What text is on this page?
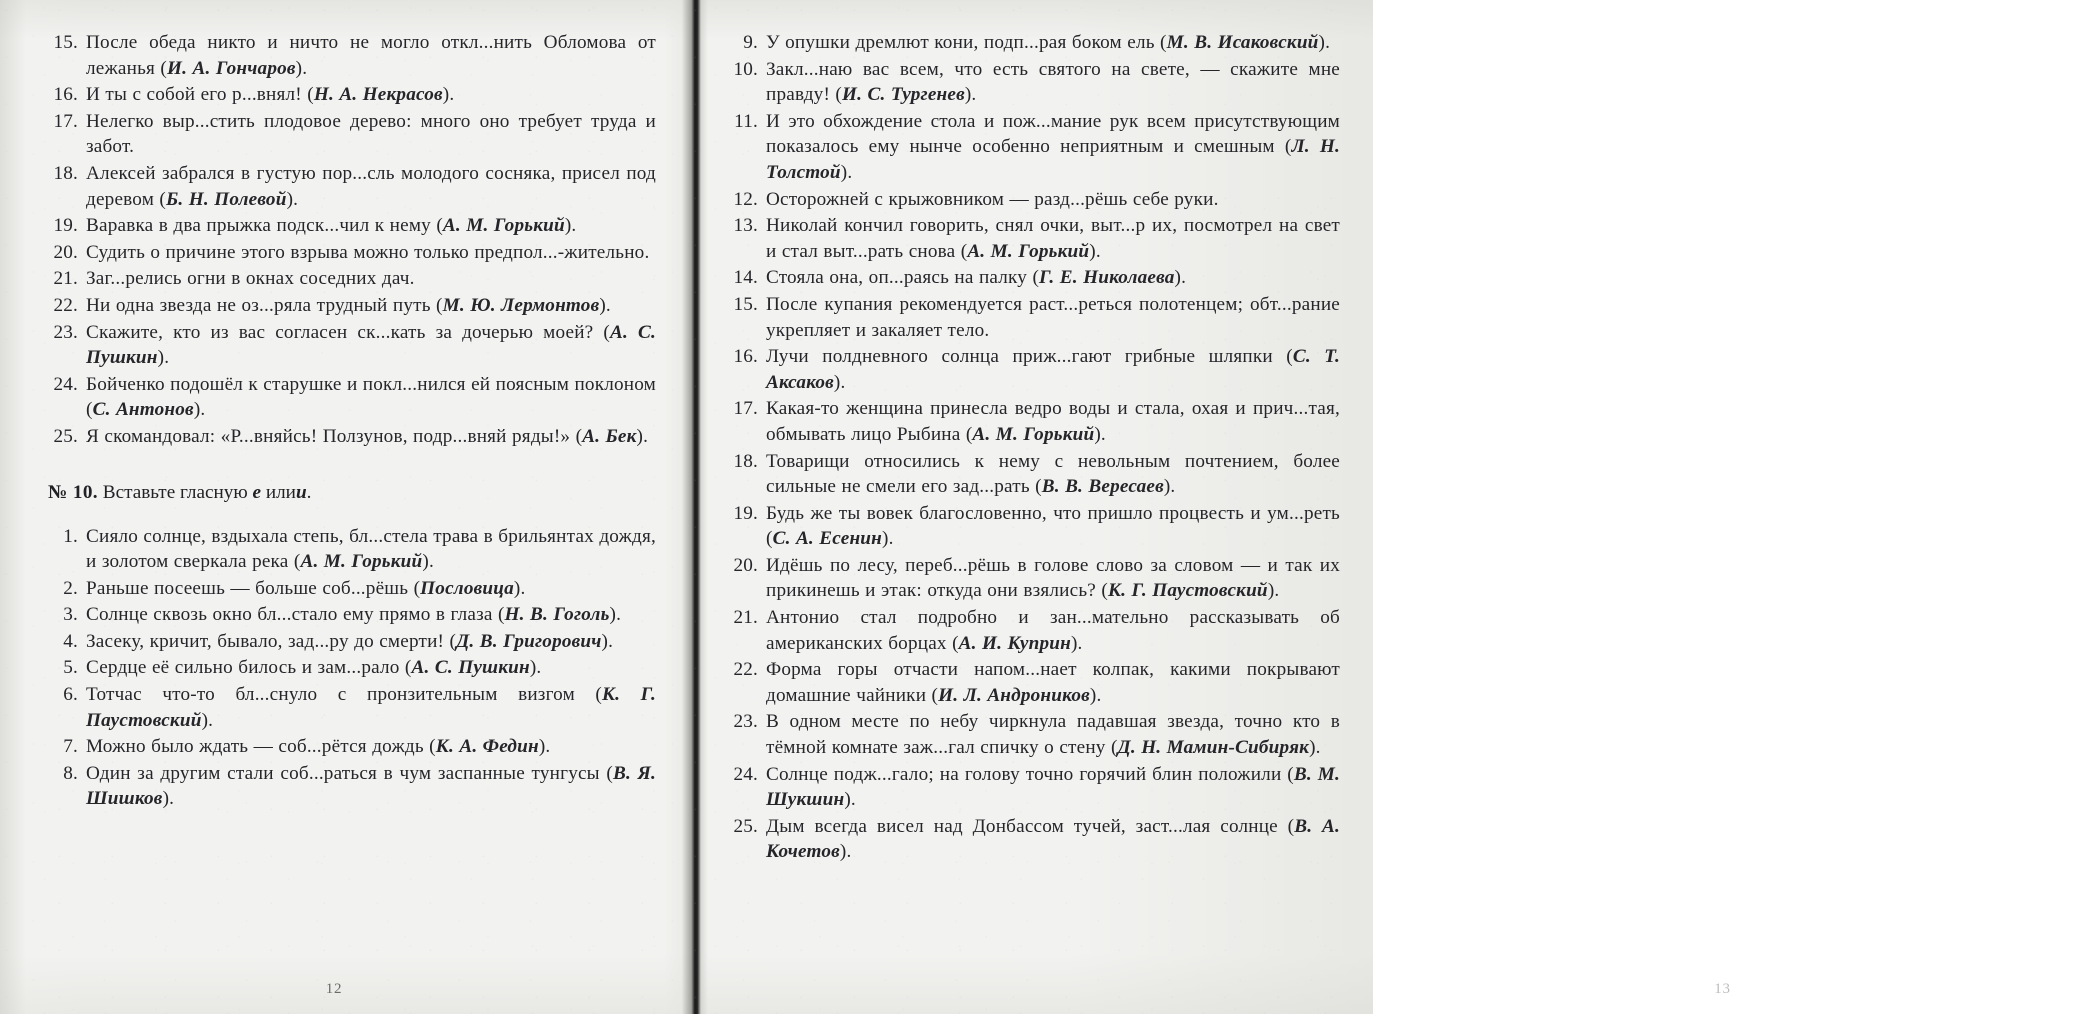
15. После обеда никто и ничто не могло откл...нить Обломова от лежанья (И. А. Гончаров).
16. И ты с собой его р...внял! (Н. А. Некрасов).
17. Нелегко выр...стить плодовое дерево: много оно требует труда и забот.
18. Алексей забрался в густую пор...сль молодого сосняка, присел под деревом (Б. Н. Полевой).
19. Варавка в два прыжка подск...чил к нему (А. М. Горький).
20. Судить о причине этого взрыва можно только предпол...-жительно.
21. Заг...релись огни в окнах соседних дач.
22. Ни одна звезда не оз...ряла трудный путь (М. Ю. Лермонтов).
23. Скажите, кто из вас согласен ск...кать за дочерью моей? (А. С. Пушкин).
24. Бойченко подошёл к старушке и покл...нился ей поясным поклоном (С. Антонов).
25. Я скомандовал: «Р...вняйсь! Ползунов, подр...вняй ряды!» (А. Бек).
№ 10. Вставьте гласную е илии.
1. Сияло солнце, вздыхала степь, бл...стела трава в брильянтах дождя, и золотом сверкала река (А. М. Горький).
2. Раньше посеешь — больше соб...рёшь (Пословица).
3. Солнце сквозь окно бл...стало ему прямо в глаза (Н. В. Гоголь).
4. Засеку, кричит, бывало, зад...ру до смерти! (Д. В. Григорович).
5. Сердце её сильно билось и зам...рало (А. С. Пушкин).
6. Тотчас что-то бл...снуло с пронзительным визгом (К. Г. Паустовский).
7. Можно было ждать — соб...рётся дождь (К. А. Федин).
8. Один за другим стали соб...раться в чум заспанные тунгусы (В. Я. Шишков).
12
9. У опушки дремлют кони, подп...рая боком ель (М. В. Исаковский).
10. Закл...наю вас всем, что есть святого на свете, — скажите мне правду! (И. С. Тургенев).
11. И это обхождение стола и пож...мание рук всем присутствующим показалось ему нынче особенно неприятным и смешным (Л. Н. Толстой).
12. Осторожней с крыжовником — разд...рёшь себе руки.
13. Николай кончил говорить, снял очки, выт...р их, посмотрел на свет и стал выт...рать снова (А. М. Горький).
14. Стояла она, оп...раясь на палку (Г. Е. Николаева).
15. После купания рекомендуется раст...реться полотенцем; обт...рание укрепляет и закаляет тело.
16. Лучи полдневного солнца приж...гают грибные шляпки (С. Т. Аксаков).
17. Какая-то женщина принесла ведро воды и стала, охая и прич...тая, обмывать лицо Рыбина (А. М. Горький).
18. Товарищи относились к нему с невольным почтением, более сильные не смели его зад...рать (В. В. Вересаев).
19. Будь же ты вовек благословенно, что пришло процвесть и ум...реть (С. А. Есенин).
20. Идёшь по лесу, переб...рёшь в голове слово за словом — и так их прикинешь и этак: откуда они взялись? (К. Г. Паустовский).
21. Антонио стал подробно и зан...мательно рассказывать об американских борцах (А. И. Куприн).
22. Форма горы отчасти напом...нает колпак, какими покрывают домашние чайники (И. Л. Андроников).
23. В одном месте по небу чиркнула падавшая звезда, точно кто в тёмной комнате заж...гал спичку о стену (Д. Н. Мамин-Сибиряк).
24. Солнце подж...гало; на голову точно горячий блин положили (В. М. Шукшин).
25. Дым всегда висел над Донбассом тучей, заст...лая солнце (В. А. Кочетов).
13
